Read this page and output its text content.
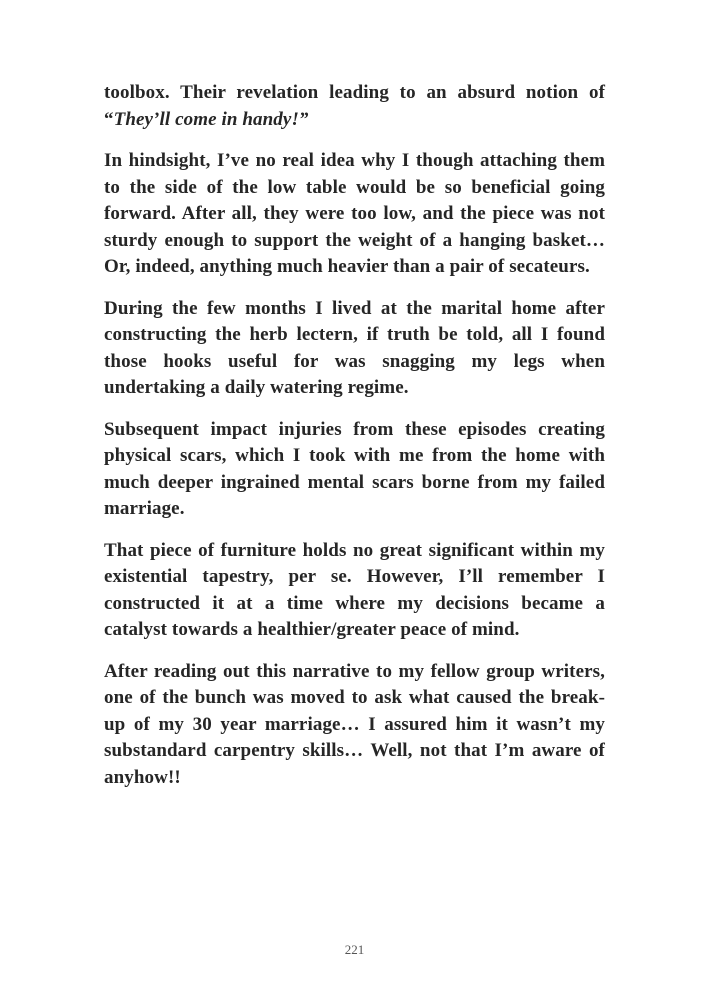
toolbox. Their revelation leading to an absurd notion of “They’ll come in handy!”

In hindsight, I’ve no real idea why I though attaching them to the side of the low table would be so beneficial going forward. After all, they were too low, and the piece was not sturdy enough to support the weight of a hanging basket… Or, indeed, anything much heavier than a pair of secateurs.

During the few months I lived at the marital home after constructing the herb lectern, if truth be told, all I found those hooks useful for was snagging my legs when undertaking a daily watering regime.

Subsequent impact injuries from these episodes creating physical scars, which I took with me from the home with much deeper ingrained mental scars borne from my failed marriage.

That piece of furniture holds no great significant within my existential tapestry, per se. However, I’ll remember I constructed it at a time where my decisions became a catalyst towards a healthier/greater peace of mind.

After reading out this narrative to my fellow group writers, one of the bunch was moved to ask what caused the break-up of my 30 year marriage… I assured him it wasn’t my substandard carpentry skills… Well, not that I’m aware of anyhow!!

221
